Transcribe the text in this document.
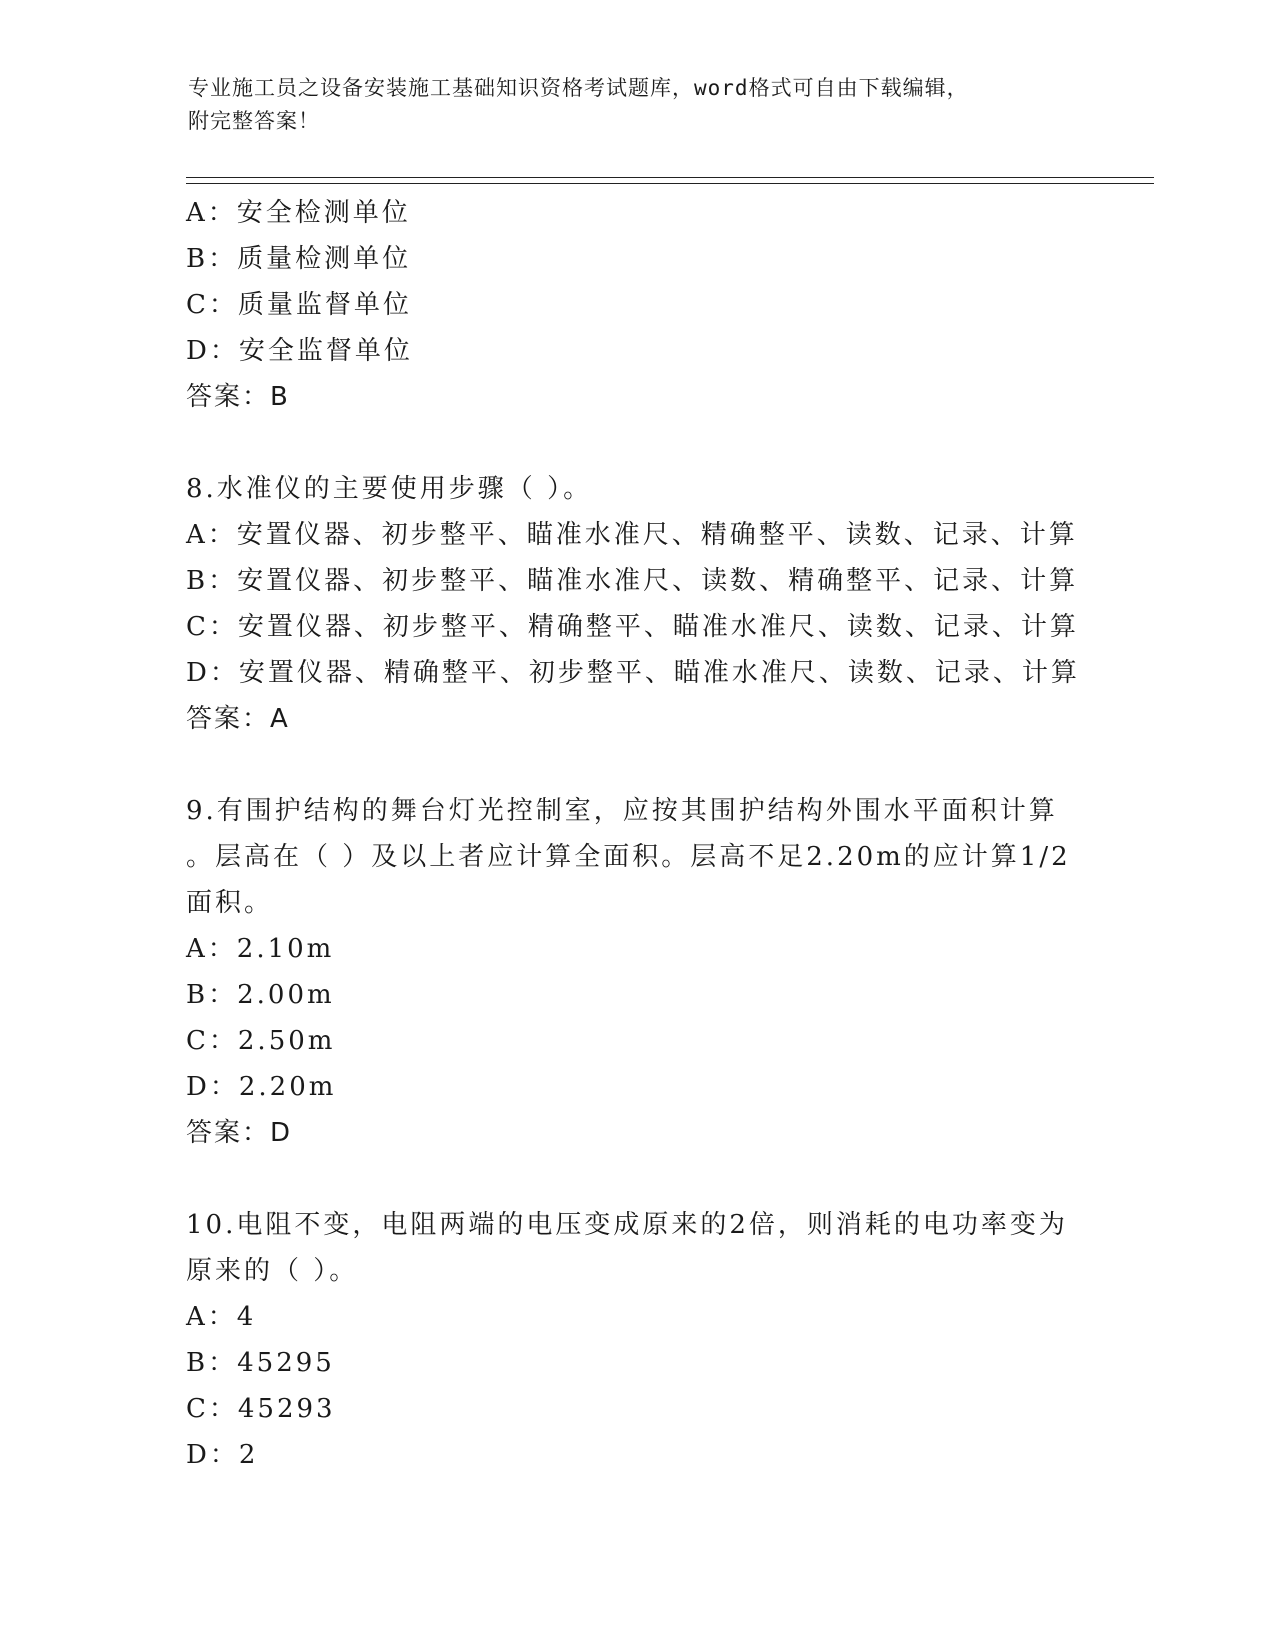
专业施工员之设备安装施工基础知识资格考试题库，word格式可自由下载编辑，
附完整答案！
A：安全检测单位
B：质量检测单位
C：质量监督单位
D：安全监督单位
答案：B
8.水准仪的主要使用步骤（ ）。
A：安置仪器、初步整平、瞄准水准尺、精确整平、读数、记录、计算
B：安置仪器、初步整平、瞄准水准尺、读数、精确整平、记录、计算
C：安置仪器、初步整平、精确整平、瞄准水准尺、读数、记录、计算
D：安置仪器、精确整平、初步整平、瞄准水准尺、读数、记录、计算
答案：A
9.有围护结构的舞台灯光控制室，应按其围护结构外围水平面积计算
。层高在（ ）及以上者应计算全面积。层高不足2.20m的应计算1/2
面积。
A：2.10m
B：2.00m
C：2.50m
D：2.20m
答案：D
10.电阻不变，电阻两端的电压变成原来的2倍，则消耗的电功率变为
原来的（ ）。
A：4
B：45295
C：45293
D：2
